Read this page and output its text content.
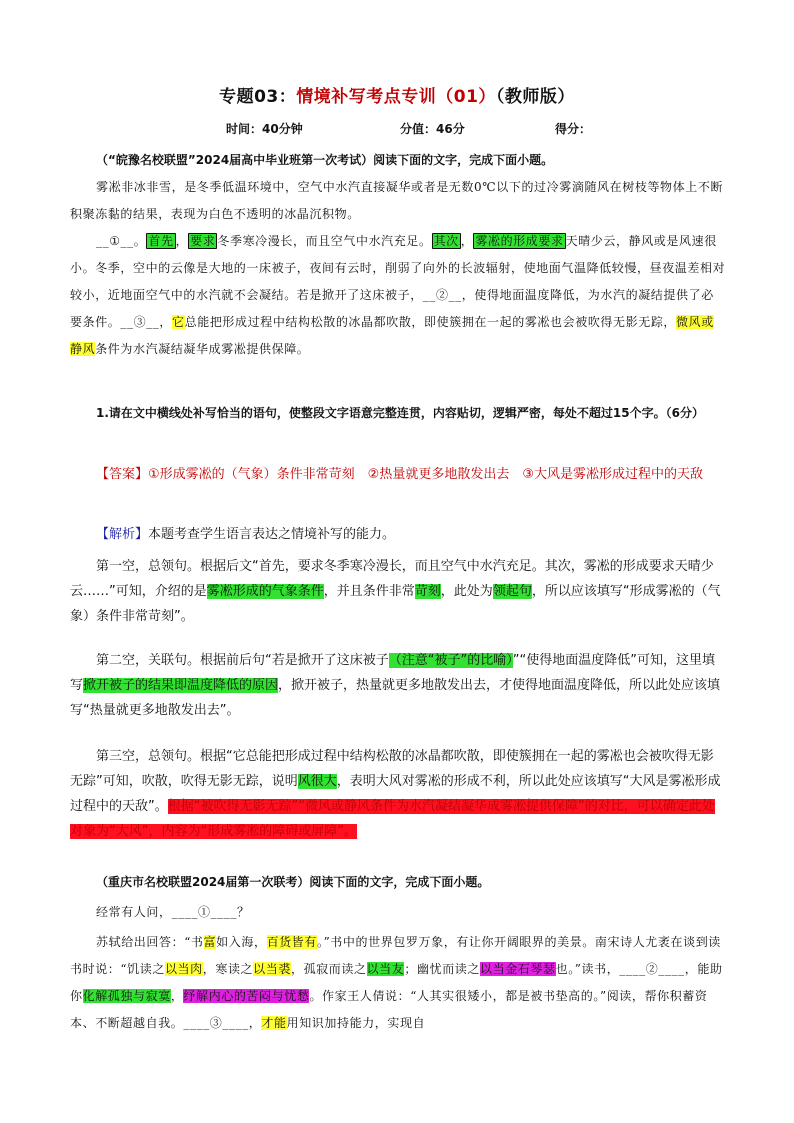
专题03：情境补写考点专训（01）（教师版）
时间：40分钟	分值：46分	得分：
（“皖豫名校联盟”2024届高中毕业班第一次考试）阅读下面的文字，完成下面小题。
雾凇非冰非雪，是冬季低温环境中，空气中水汽直接凝华或者是无数0℃以下的过冷雾滴随风在树枝等物体上不断积聚冻黏的结果，表现为白色不透明的冰晶沉积物。
__①__。 首先 ， 要求 冬季寒冷漫长，而且空气中水汽充足。 其次 ， 雾凇的形成要求 天晴少云，静风或是风速很小。冬季，空中的云像是大地的一床被子，夜间有云时，削弱了向外的长波辐射，使地面气温降低较慢，昼夜温差相对较小，近地面空气中的水汽就不会凝结。若是掀开了这床被子，__②__，使得地面温度降低，为水汽的凝结提供了必要条件。__③__，它总能把形成过程中结构松散的冰晶都吹散，即使簇拥在一起的雾凇也会被吹得无影无踪，微风或静风条件为水汽凝结凝华成雾凇提供保障。
1.请在文中横线处补写恰当的语句，使整段文字语意完整连贯，内容贴切，逻辑严密，每处不超过15个字。（6分）
【答案】①形成雾凇的（气象）条件非常苛刻　②热量就更多地散发出去　③大风是雾凇形成过程中的天敌
【解析】本题考查学生语言表达之情境补写的能力。
第一空，总领句。根据后文“首先，要求冬季寒冷漫长，而且空气中水汽充足。其次，雾凇的形成要求天晴少云……”可知，介绍的是雾凇形成的气象条件，并且条件非常苛刻，此处为领起句，所以应该填写“形成雾凇的（气象）条件非常苛刻”。
第二空，关联句。根据前后句“若是掀开了这床被子（注意“被子”的比喻）”“使得地面温度降低”可知，这里填写掀开被子的结果即温度降低的原因，掀开被子，热量就更多地散发出去，才使得地面温度降低，所以此处应该填写“热量就更多地散发出去”。
第三空，总领句。根据“它总能把形成过程中结构松散的冰晶都吹散，即使簇拥在一起的雾凇也会被吹得无影无踪”可知，吹散，吹得无影无踪，说明风很大，表明大风对雾凇的形成不利，所以此处应该填写“大风是雾凇形成过程中的天敌”。根据“被吹得无影无踪”“微风或静风条件为水汽凝结凝华成雾凇提供保障”的对比，可以确定此处对象为“大风”，内容为“形成雾凇的障碍或屏障”。
（重庆市名校联盟2024届第一次联考）阅读下面的文字，完成下面小题。
经常有人问，____①____？
苏轼给出回答：“书富如入海，百货皆有。”书中的世界包罗万象，有让你开阔眼界的美景。南宋诗人尤袤在谈到读书时说：“饥读之以当肉，寒读之以当裘，孤寂而读之以当友；幽忧而读之以当金石琴瑟也。”读书，____②____，能助你化解孤独与寂寞，纾解内心的苦闷与忧愁。作家王人倩说：“人其实很矮小，都是被书垫高的。”阅读，帮你积蓄资本、不断超越自我。____③____，才能用知识加持能力，实现自
